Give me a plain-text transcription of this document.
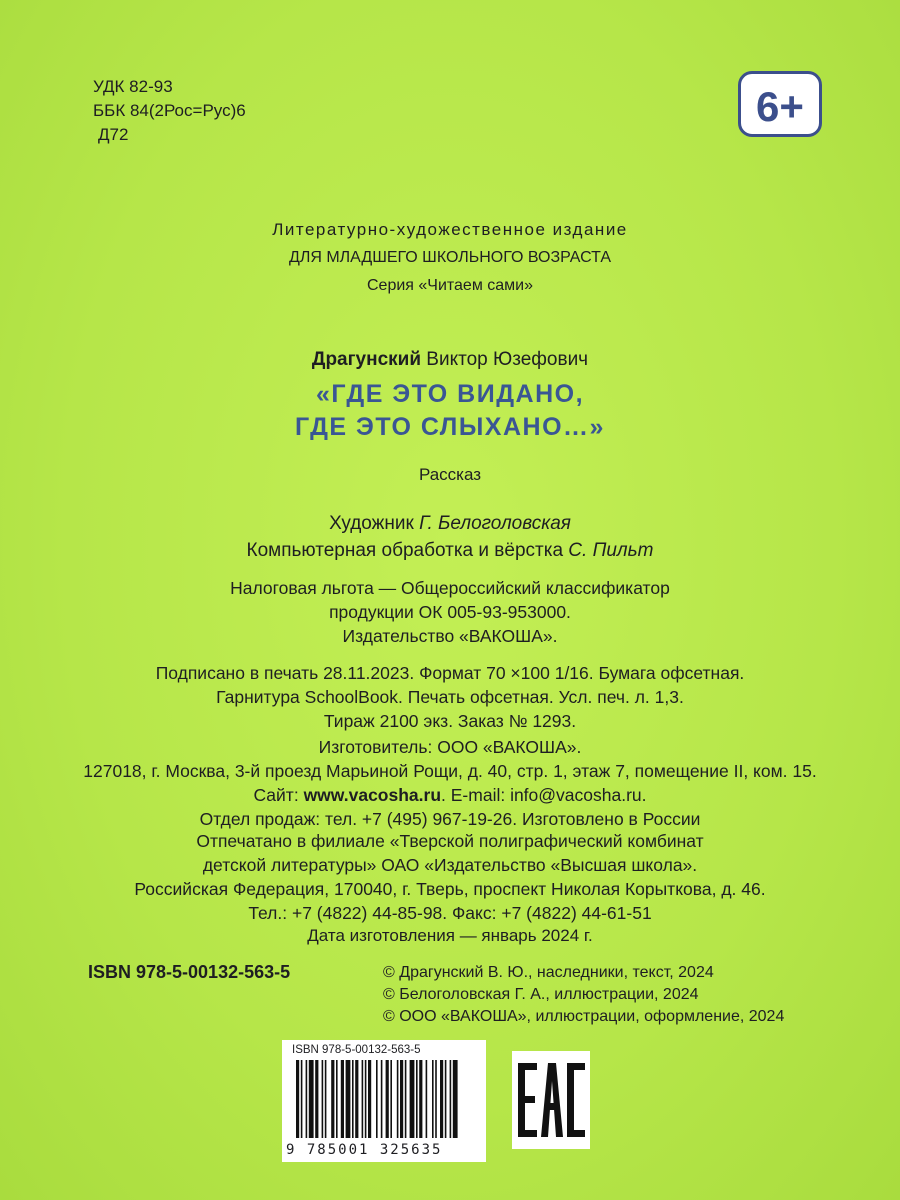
УДК 82-93
ББК 84(2Рос=Рус)6
Д72
6+
Литературно-художественное издание
ДЛЯ МЛАДШЕГО ШКОЛЬНОГО ВОЗРАСТА
Серия «Читаем сами»
Драгунский Виктор Юзефович
«ГДЕ ЭТО ВИДАНО,
ГДЕ ЭТО СЛЫХАНО…»
Рассказ
Художник Г. Белоголовская
Компьютерная обработка и вёрстка С. Пильт
Налоговая льгота — Общероссийский классификатор
продукции ОК 005-93-953000.
Издательство «ВАКОША».
Подписано в печать 28.11.2023. Формат 70 ×100 1/16. Бумага офсетная.
Гарнитура SchoolBook. Печать офсетная. Усл. печ. л. 1,3.
Тираж 2100 экз. Заказ № 1293.
Изготовитель: ООО «ВАКОША».
127018, г. Москва, 3-й проезд Марьиной Рощи, д. 40, стр. 1, этаж 7, помещение II, ком. 15.
Сайт: www.vacosha.ru. E-mail: info@vacosha.ru.
Отдел продаж: тел. +7 (495) 967-19-26. Изготовлено в России
Отпечатано в филиале «Тверской полиграфический комбинат
детской литературы» ОАО «Издательство «Высшая школа».
Российская Федерация, 170040, г. Тверь, проспект Николая Корыткова, д. 46.
Тел.: +7 (4822) 44-85-98. Факс: +7 (4822) 44-61-51
Дата изготовления — январь 2024 г.
ISBN 978-5-00132-563-5	© Драгунский В. Ю., наследники, текст, 2024
© Белоголовская Г. А., иллюстрации, 2024
© ООО «ВАКОША», иллюстрации, оформление, 2024
ISBN 978-5-00132-563-5
9 785001 325635
